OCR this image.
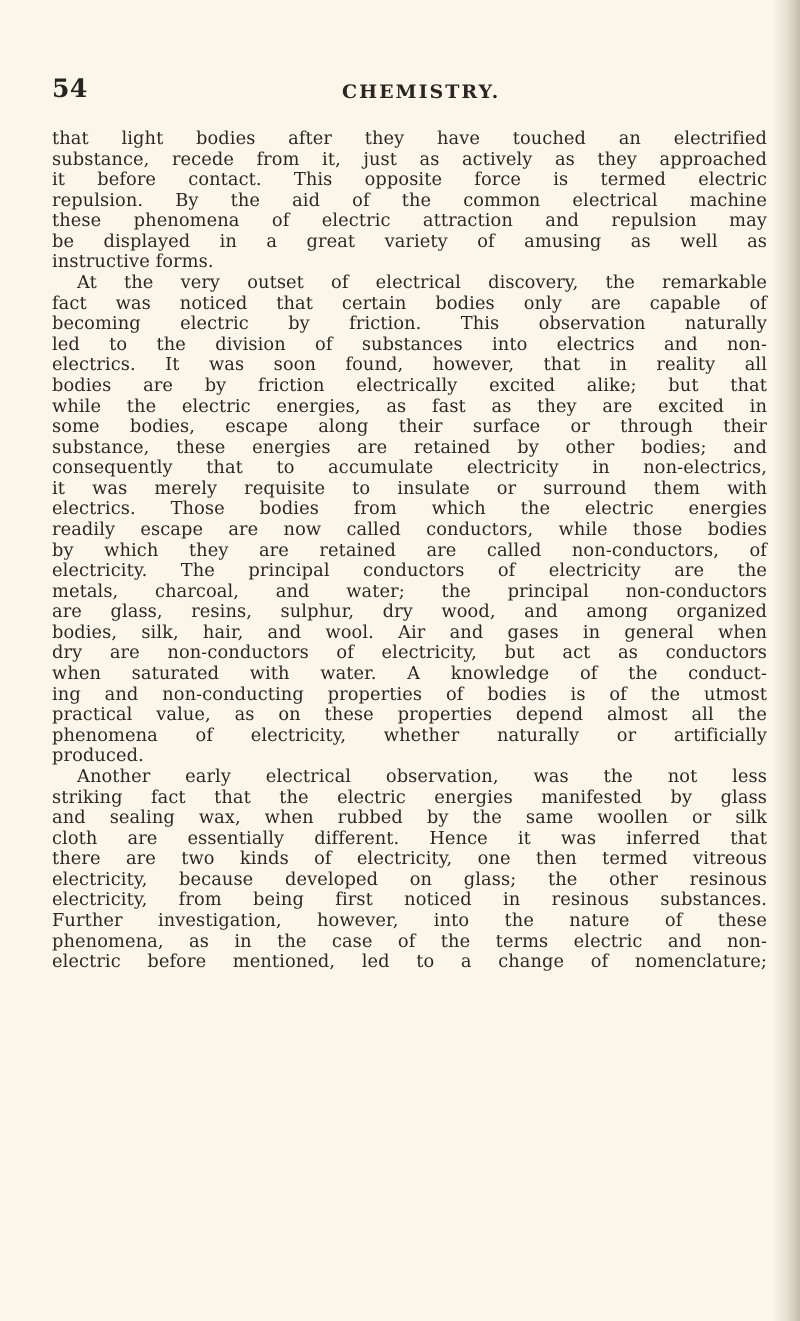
54	CHEMISTRY.
that light bodies after they have touched an electrified
substance, recede from it, just as actively as they approached
it before contact. This opposite force is termed electric
repulsion. By the aid of the common electrical machine
these phenomena of electric attraction and repulsion may
be displayed in a great variety of amusing as well as
instructive forms.
At the very outset of electrical discovery, the remarkable
fact was noticed that certain bodies only are capable of
becoming electric by friction. This observation naturally
led to the division of substances into electrics and non-
electrics. It was soon found, however, that in reality all
bodies are by friction electrically excited alike; but that
while the electric energies, as fast as they are excited in
some bodies, escape along their surface or through their
substance, these energies are retained by other bodies; and
consequently that to accumulate electricity in non-electrics,
it was merely requisite to insulate or surround them with
electrics. Those bodies from which the electric energies
readily escape are now called conductors, while those bodies
by which they are retained are called non-conductors, of
electricity. The principal conductors of electricity are the
metals, charcoal, and water; the principal non-conductors
are glass, resins, sulphur, dry wood, and among organized
bodies, silk, hair, and wool. Air and gases in general when
dry are non-conductors of electricity, but act as conductors
when saturated with water. A knowledge of the conduct-
ing and non-conducting properties of bodies is of the utmost
practical value, as on these properties depend almost all the
phenomena of electricity, whether naturally or artificially
produced.
Another early electrical observation, was the not less
striking fact that the electric energies manifested by glass
and sealing wax, when rubbed by the same woollen or silk
cloth are essentially different. Hence it was inferred that
there are two kinds of electricity, one then termed vitreous
electricity, because developed on glass; the other resinous
electricity, from being first noticed in resinous substances.
Further investigation, however, into the nature of these
phenomena, as in the case of the terms electric and non-
electric before mentioned, led to a change of nomenclature;
